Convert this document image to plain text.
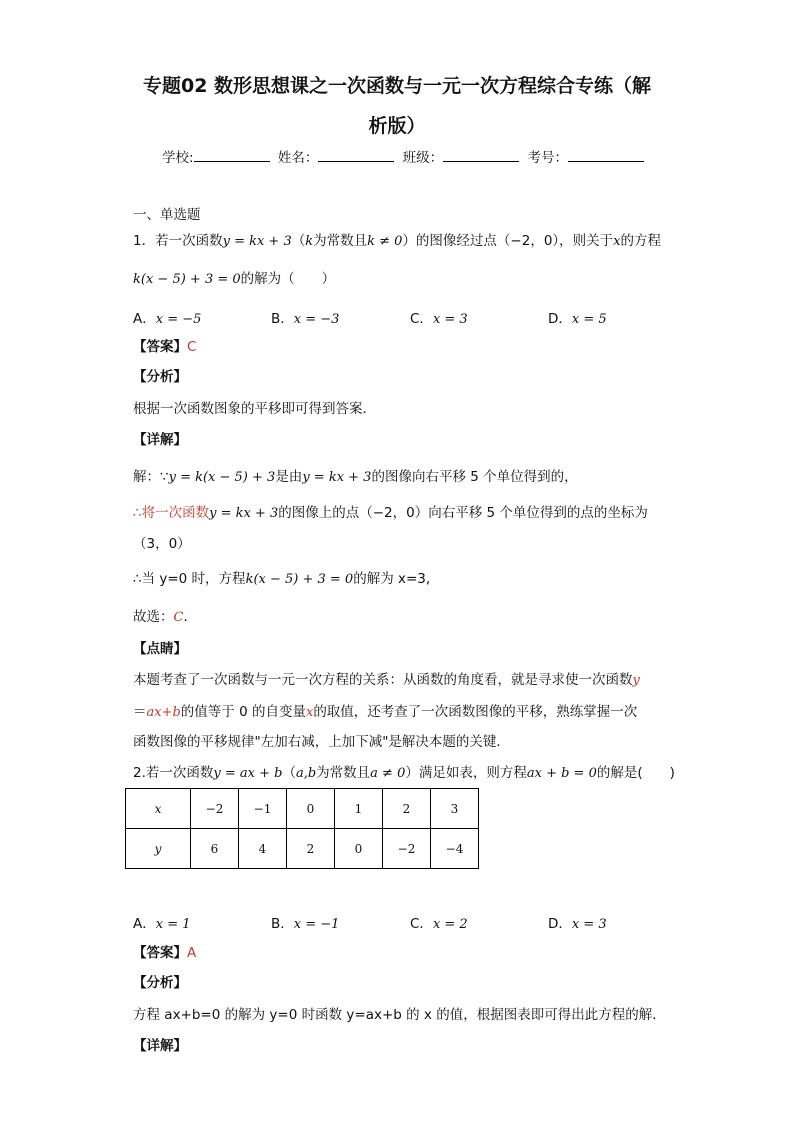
专题02 数形思想课之一次函数与一元一次方程综合专练（解
析版）
学校:	姓名：	班级：	考号：
一、单选题
1．若一次函数y = kx + 3（k为常数且k ≠ 0）的图像经过点（−2，0），则关于x的方程
k(x − 5) + 3 = 0的解为（　　）
A．x = −5	B．x = −3	C．x = 3	D．x = 5
【答案】C
【分析】
根据一次函数图象的平移即可得到答案．
【详解】
解：∵y = k(x − 5) + 3是由y = kx + 3的图像向右平移 5 个单位得到的，
∴将一次函数y = kx + 3的图像上的点（−2，0）向右平移 5 个单位得到的点的坐标为
（3，0）
∴当 y=0 时，方程k(x − 5) + 3 = 0的解为 x=3,
故选：C．
【点睛】
本题考查了一次函数与一元一次方程的关系：从函数的角度看，就是寻求使一次函数y
＝ax+b的值等于 0 的自变量x的取值，还考查了一次函数图像的平移，熟练掌握一次
函数图像的平移规律"左加右减，上加下减"是解决本题的关键．
2.若一次函数y = ax + b（a,b为常数且a ≠ 0）满足如表，则方程ax + b = 0的解是(　　)
x	−2	−1	0	1	2	3
y	6	4	2	0	−2	−4
A．x = 1	B．x = −1	C．x = 2	D．x = 3
【答案】A
【分析】
方程 ax+b=0 的解为 y=0 时函数 y=ax+b 的 x 的值，根据图表即可得出此方程的解．
【详解】
